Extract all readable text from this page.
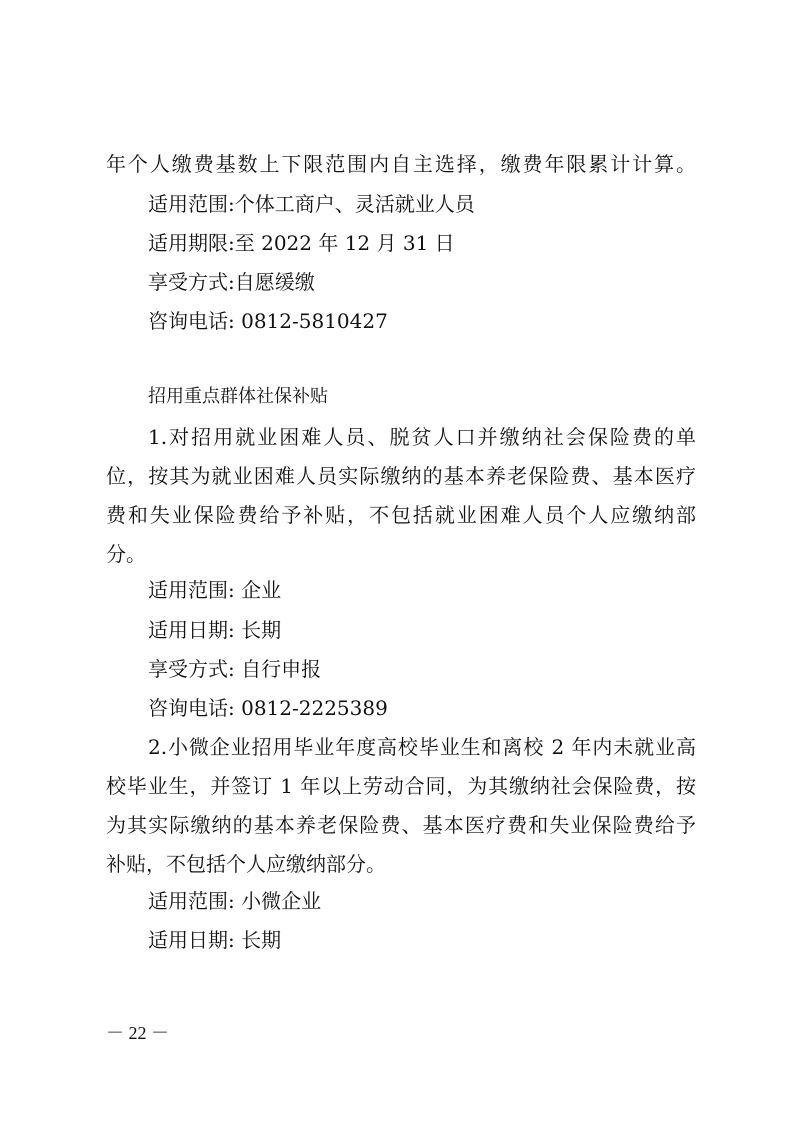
年个人缴费基数上下限范围内自主选择，缴费年限累计计算。
适用范围:个体工商户、灵活就业人员
适用期限:至 2022 年 12 月 31 日
享受方式:自愿缓缴
咨询电话: 0812-5810427
招用重点群体社保补贴
1.对招用就业困难人员、脱贫人口并缴纳社会保险费的单
位，按其为就业困难人员实际缴纳的基本养老保险费、基本医疗
费和失业保险费给予补贴，不包括就业困难人员个人应缴纳部
分。
适用范围: 企业
适用日期: 长期
享受方式: 自行申报
咨询电话: 0812-2225389
2.小微企业招用毕业年度高校毕业生和离校 2 年内未就业高
校毕业生，并签订 1 年以上劳动合同，为其缴纳社会保险费，按
为其实际缴纳的基本养老保险费、基本医疗费和失业保险费给予
补贴，不包括个人应缴纳部分。
适用范围: 小微企业
适用日期: 长期
－ 22 －
